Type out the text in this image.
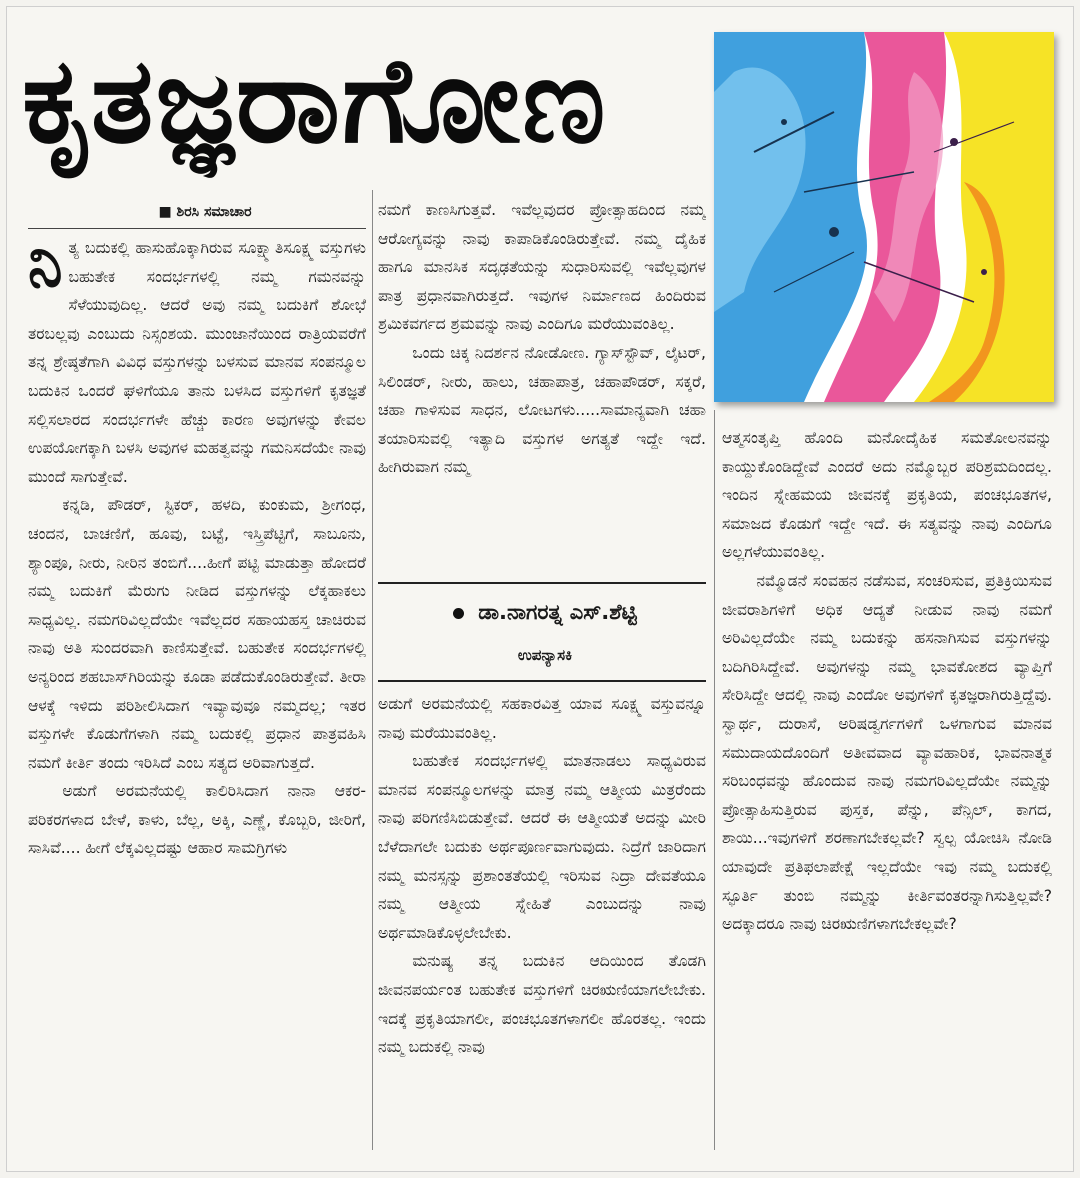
ಕೃತಜ್ಞರಾಗೋಣ
■ ಶಿರಸಿ ಸಮಾಚಾರ

ನಿತ್ಯ ಬದುಕಲ್ಲಿ ಹಾಸುಹೊಕ್ಕಾಗಿರುವ ಸೂಕ್ಷ್ಮಾತಿಸೂಕ್ಷ್ಮ ವಸ್ತುಗಳು ಬಹುತೇಕ ಸಂದರ್ಭಗಳಲ್ಲಿ ನಮ್ಮ ಗಮನವನ್ನು ಸೆಳೆಯುವುದಿಲ್ಲ. ಆದರೆ ಅವು ನಮ್ಮ ಬದುಕಿಗೆ ಶೋಭೆ ತರಬಲ್ಲವು ಎಂಬುದು ನಿಸ್ಸಂಶಯ. ಮುಂಜಾನೆಯಿಂದ ರಾತ್ರಿಯವರೆಗೆ ತನ್ನ ಶ್ರೇಷ್ಠತೆಗಾಗಿ ವಿವಿಧ ವಸ್ತುಗಳನ್ನು ಬಳಸುವ ಮಾನವ ಸಂಪನ್ಮೂಲ ಬದುಕಿನ ಒಂದರೆ ಘಳಿಗೆಯೂ ತಾನು ಬಳಸಿದ ವಸ್ತುಗಳಿಗೆ ಕೃತಜ್ಞತೆ ಸಲ್ಲಿಸಲಾರದ ಸಂದರ್ಭಗಳೇ ಹೆಚ್ಚು ಕಾರಣ ಅವುಗಳನ್ನು ಕೇವಲ ಉಪಯೋಗಕ್ಕಾಗಿ ಬಳಸಿ ಅವುಗಳ ಮಹತ್ವವನ್ನು ಗಮನಿಸದೆಯೇ ನಾವು ಮುಂದೆ ಸಾಗುತ್ತೇವೆ.

ಕನ್ನಡಿ, ಪೌಡರ್, ಸ್ಟಿಕರ್, ಹಳದಿ, ಕುಂಕುಮ, ಶ್ರೀಗಂಧ, ಚಂದನ, ಬಾಚಣಿಗೆ, ಹೂವು, ಬಟ್ಟೆ, ಇಸ್ತ್ರಿಪೆಟ್ಟಿಗೆ, ಸಾಬೂನು, ಶ್ಯಾಂಪೂ, ನೀರು, ನೀರಿನ ತಂಬಿಗೆ....ಹೀಗೆ ಪಟ್ಟಿ ಮಾಡುತ್ತಾ ಹೋದರೆ ನಮ್ಮ ಬದುಕಿಗೆ ಮೆರುಗು ನೀಡಿದ ವಸ್ತುಗಳನ್ನು ಲೆಕ್ಕಹಾಕಲು ಸಾಧ್ಯವಿಲ್ಲ. ನಮಗರಿವಿಲ್ಲದೆಯೇ ಇವೆಲ್ಲದರ ಸಹಾಯಹಸ್ತ ಚಾಚಿರುವ ನಾವು ಅತಿ ಸುಂದರವಾಗಿ ಕಾಣಿಸುತ್ತೇವೆ. ಬಹುತೇಕ ಸಂದರ್ಭಗಳಲ್ಲಿ ಅನ್ಯರಿಂದ ಶಹಬಾಸ್‌ಗಿರಿಯನ್ನು ಕೂಡಾ ಪಡೆದುಕೊಂಡಿರುತ್ತೇವೆ. ತೀರಾ ಆಳಕ್ಕೆ ಇಳಿದು ಪರಿಶೀಲಿಸಿದಾಗ ಇವ್ಯಾವುವೂ ನಮ್ಮದಲ್ಲ; ಇತರ ವಸ್ತುಗಳೇ ಕೊಡುಗೆಗಳಾಗಿ ನಮ್ಮ ಬದುಕಲ್ಲಿ ಪ್ರಧಾನ ಪಾತ್ರವಹಿಸಿ ನಮಗೆ ಕೀರ್ತಿ ತಂದು ಇರಿಸಿದೆ ಎಂಬ ಸತ್ಯದ ಅರಿವಾಗುತ್ತದೆ.

ಅಡುಗೆ ಅರಮನೆಯಲ್ಲಿ ಕಾಲಿರಿಸಿದಾಗ ನಾನಾ ಆಕರ-ಪರಿಕರಗಳಾದ ಬೇಳೆ, ಕಾಳು, ಬೆಲ್ಲ, ಅಕ್ಕಿ, ಎಣ್ಣೆ, ಕೊಬ್ಬರಿ, ಜೀರಿಗೆ, ಸಾಸಿವೆ.... ಹೀಗೆ ಲೆಕ್ಕವಿಲ್ಲದಷ್ಟು ಆಹಾರ ಸಾಮಗ್ರಿಗಳು

ನಮಗೆ ಕಾಣಸಿಗುತ್ತವೆ. ಇವೆಲ್ಲವುದರ ಪ್ರೋತ್ಸಾಹದಿಂದ ನಮ್ಮ ಆರೋಗ್ಯವನ್ನು ನಾವು ಕಾಪಾಡಿಕೊಂಡಿರುತ್ತೇವೆ. ನಮ್ಮ ದೈಹಿಕ ಹಾಗೂ ಮಾನಸಿಕ ಸದೃಢತೆಯನ್ನು ಸುಧಾರಿಸುವಲ್ಲಿ ಇವೆಲ್ಲವುಗಳ ಪಾತ್ರ ಪ್ರಧಾನವಾಗಿರುತ್ತದೆ. ಇವುಗಳ ನಿರ್ಮಾಣದ ಹಿಂದಿರುವ ಶ್ರಮಿಕವರ್ಗದ ಶ್ರಮವನ್ನು ನಾವು ಎಂದಿಗೂ ಮರೆಯುವಂತಿಲ್ಲ.

ಒಂದು ಚಿಕ್ಕ ನಿದರ್ಶನ ನೋಡೋಣ. ಗ್ಯಾಸ್‌ಸ್ಟೌವ್, ಲೈಟರ್, ಸಿಲಿಂಡರ್, ನೀರು, ಹಾಲು, ಚಹಾಪಾತ್ರ, ಚಹಾಪೌಡರ್, ಸಕ್ಕರೆ, ಚಹಾ ಗಾಳಿಸುವ ಸಾಧನ, ಲೋಟಗಳು.....ಸಾಮಾನ್ಯವಾಗಿ ಚಹಾ ತಯಾರಿಸುವಲ್ಲಿ ಇತ್ಯಾದಿ ವಸ್ತುಗಳ ಅಗತ್ಯತೆ ಇದ್ದೇ ಇದೆ. ಹೀಗಿರುವಾಗ ನಮ್ಮ

ಡಾ.ನಾಗರತ್ನ ಎಸ್.ಶೆಟ್ಟಿ
ಉಪನ್ಯಾಸಕಿ

ಅಡುಗೆ ಅರಮನೆಯಲ್ಲಿ ಸಹಕಾರವಿತ್ತ ಯಾವ ಸೂಕ್ಷ್ಮ ವಸ್ತುವನ್ನೂ ನಾವು ಮರೆಯುವಂತಿಲ್ಲ.

ಬಹುತೇಕ ಸಂದರ್ಭಗಳಲ್ಲಿ ಮಾತನಾಡಲು ಸಾಧ್ಯವಿರುವ ಮಾನವ ಸಂಪನ್ಮೂಲಗಳನ್ನು ಮಾತ್ರ ನಮ್ಮ ಆತ್ಮೀಯ ಮಿತ್ರರೆಂದು ನಾವು ಪರಿಗಣಿಸಿಬಿಡುತ್ತೇವೆ. ಆದರೆ ಈ ಆತ್ಮೀಯತೆ ಅದನ್ನು ಮೀರಿ ಬೆಳೆದಾಗಲೇ ಬದುಕು ಅರ್ಥಪೂರ್ಣವಾಗುವುದು. ನಿದ್ರೆಗೆ ಜಾರಿದಾಗ ನಮ್ಮ ಮನಸ್ಸನ್ನು ಪ್ರಶಾಂತತೆಯಲ್ಲಿ ಇರಿಸುವ ನಿದ್ರಾ ದೇವತೆಯೂ ನಮ್ಮ ಆತ್ಮೀಯ ಸ್ನೇಹಿತೆ ಎಂಬುದನ್ನು ನಾವು ಅರ್ಥಮಾಡಿಕೊಳ್ಳಲೇಬೇಕು.

ಮನುಷ್ಯ ತನ್ನ ಬದುಕಿನ ಆದಿಯಿಂದ ತೊಡಗಿ ಜೀವನಪರ್ಯಂತ ಬಹುತೇಕ ವಸ್ತುಗಳಿಗೆ ಚಿರಋಣಿಯಾಗಲೇಬೇಕು. ಇದಕ್ಕೆ ಪ್ರಕೃತಿಯಾಗಲೀ, ಪಂಚಭೂತಗಳಾಗಲೀ ಹೊರತಲ್ಲ. ಇಂದು ನಮ್ಮ ಬದುಕಲ್ಲಿ ನಾವು

ಆತ್ಮಸಂತೃಪ್ತಿ ಹೊಂದಿ ಮನೋದೈಹಿಕ ಸಮತೋಲನವನ್ನು ಕಾಯ್ದುಕೊಂಡಿದ್ದೇವೆ ಎಂದರೆ ಅದು ನಮ್ಮೊಬ್ಬರ ಪರಿಶ್ರಮದಿಂದಲ್ಲ. ಇಂದಿನ ಸ್ನೇಹಮಯ ಜೀವನಕ್ಕೆ ಪ್ರಕೃತಿಯ, ಪಂಚಭೂತಗಳ, ಸಮಾಜದ ಕೊಡುಗೆ ಇದ್ದೇ ಇದೆ. ಈ ಸತ್ಯವನ್ನು ನಾವು ಎಂದಿಗೂ ಅಲ್ಲಗಳೆಯುವಂತಿಲ್ಲ.

ನಮ್ಮೊಡನೆ ಸಂವಹನ ನಡೆಸುವ, ಸಂಚರಿಸುವ, ಪ್ರತಿಕ್ರಿಯಿಸುವ ಜೀವರಾಶಿಗಳಿಗೆ ಅಧಿಕ ಆದ್ಯತೆ ನೀಡುವ ನಾವು ನಮಗೆ ಅರಿವಿಲ್ಲದೆಯೇ ನಮ್ಮ ಬದುಕನ್ನು ಹಸನಾಗಿಸುವ ವಸ್ತುಗಳನ್ನು ಬದಿಗಿರಿಸಿದ್ದೇವೆ. ಅವುಗಳನ್ನು ನಮ್ಮ ಭಾವಕೋಶದ ವ್ಯಾಪ್ತಿಗೆ ಸೇರಿಸಿದ್ದೇ ಆದಲ್ಲಿ ನಾವು ಎಂದೋ ಅವುಗಳಿಗೆ ಕೃತಜ್ಞರಾಗಿರುತ್ತಿದ್ದೆವು. ಸ್ವಾರ್ಥ, ದುರಾಸೆ, ಅರಿಷಡ್ವರ್ಗಗಳಿಗೆ ಒಳಗಾಗುವ ಮಾನವ ಸಮುದಾಯದೊಂದಿಗೆ ಅತೀವವಾದ ವ್ಯಾವಹಾರಿಕ, ಭಾವನಾತ್ಮಕ ಸರಿಬಂಧವನ್ನು ಹೊಂದುವ ನಾವು ನಮಗರಿವಿಲ್ಲದೆಯೇ ನಮ್ಮನ್ನು ಪ್ರೋತ್ಸಾಹಿಸುತ್ತಿರುವ ಪುಸ್ತಕ, ಪೆನ್ನು, ಪೆನ್ಸಿಲ್, ಕಾಗದ, ಶಾಯಿ...ಇವುಗಳಿಗೆ ಶರಣಾಗಬೇಕಲ್ಲವೇ? ಸ್ವಲ್ಪ ಯೋಚಿಸಿ ನೋಡಿ ಯಾವುದೇ ಪ್ರತಿಫಲಾಪೇಕ್ಷೆ ಇಲ್ಲದೆಯೇ ಇವು ನಮ್ಮ ಬದುಕಲ್ಲಿ ಸ್ಫೂರ್ತಿ ತುಂಬಿ ನಮ್ಮನ್ನು ಕೀರ್ತಿವಂತರನ್ನಾಗಿಸುತ್ತಿಲ್ಲವೇ? ಅದಕ್ಕಾದರೂ ನಾವು ಚಿರಋಣಿಗಳಾಗಬೇಕಲ್ಲವೇ?
